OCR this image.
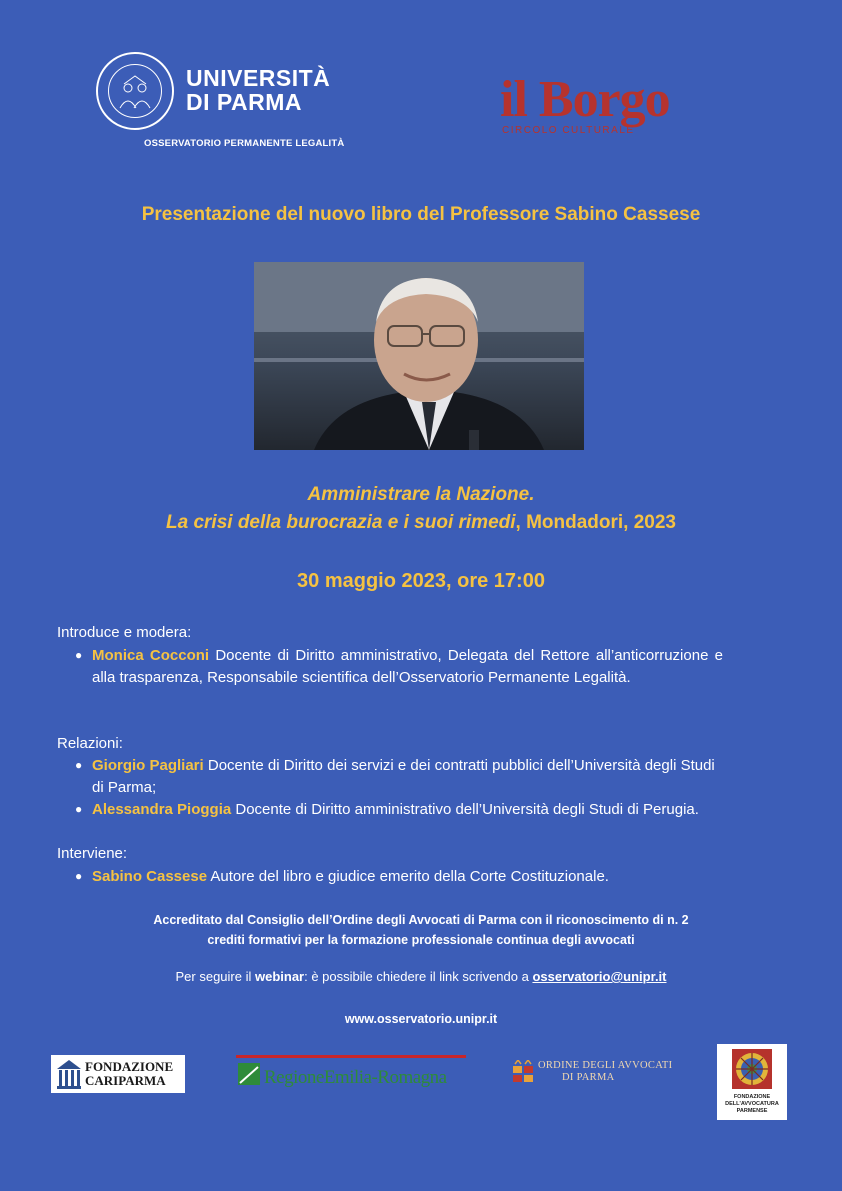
UNIVERSITÀ
DI PARMA
OSSERVATORIO PERMANENTE LEGALITÀ
il Borgo
CIRCOLO CULTURALE
Presentazione del nuovo libro del Professore Sabino Cassese
Amministrare la Nazione.
La crisi della burocrazia e i suoi rimedi, Mondadori, 2023
30 maggio 2023, ore 17:00
Introduce e modera:
● Monica Cocconi Docente di Diritto amministrativo, Delegata del Rettore all’anticorruzione e alla trasparenza, Responsabile scientifica dell’Osservatorio Permanente Legalità.
Relazioni:
● Giorgio Pagliari Docente di Diritto dei servizi e dei contratti pubblici dell’Università degli Studi di Parma;
● Alessandra Pioggia Docente di Diritto amministrativo dell’Università degli Studi di Perugia.
Interviene:
● Sabino Cassese Autore del libro e giudice emerito della Corte Costituzionale.
Accreditato dal Consiglio dell’Ordine degli Avvocati di Parma con il riconoscimento di n. 2
crediti formativi per la formazione professionale continua degli avvocati
Per seguire il webinar: è possibile chiedere il link scrivendo a osservatorio@unipr.it
www.osservatorio.unipr.it
FONDAZIONE
CARIPARMA	RegioneEmilia-Romagna
ORDINE DEGLI AVVOCATI
DI PARMA
FONDAZIONE
DELL'AVVOCATURA
PARMENSE
